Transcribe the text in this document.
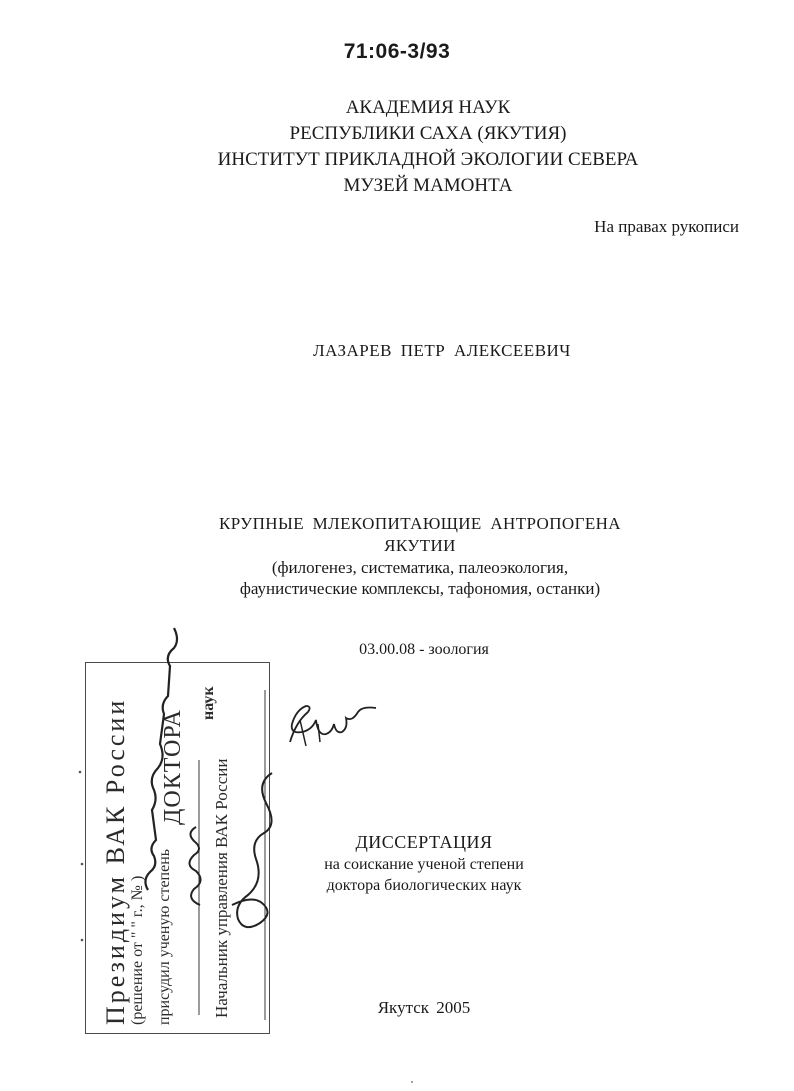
71:06-3/93
АКАДЕМИЯ НАУК
РЕСПУБЛИКИ САХА (ЯКУТИЯ)
ИНСТИТУТ ПРИКЛАДНОЙ ЭКОЛОГИИ СЕВЕРА
МУЗЕЙ МАМОНТА
На правах рукописи
ЛАЗАРЕВ ПЕТР АЛЕКСЕЕВИЧ
КРУПНЫЕ МЛЕКОПИТАЮЩИЕ АНТРОПОГЕНА
ЯКУТИИ
(филогенез, систематика, палеоэкология,
фаунистические комплексы, тафономия, останки)
03.00.08 - зоология
ДИССЕРТАЦИЯ
на соискание ученой степени
доктора биологических наук
Якутск 2005
Президиум ВАК России (решение от " " г., № ) присудил ученую степень
ДОКТОРА
наук
Начальник управления ВАК России
